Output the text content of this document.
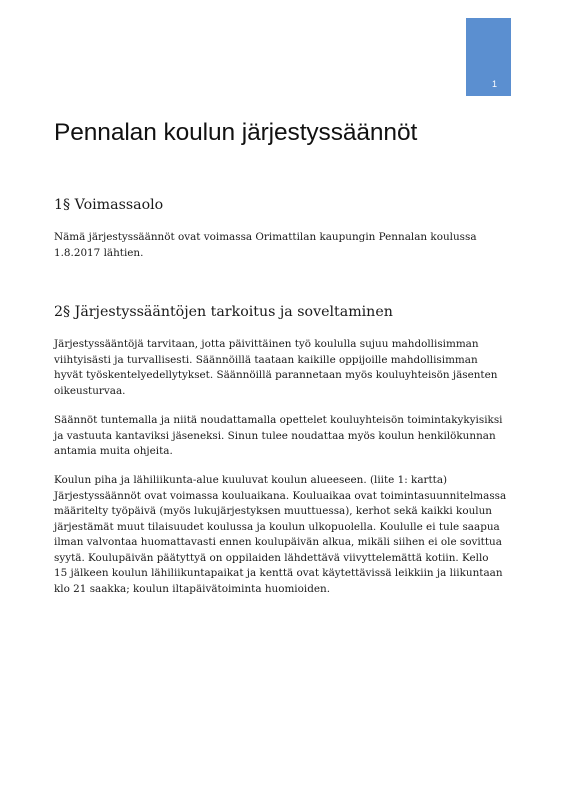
1
Pennalan koulun järjestyssäännöt
1§ Voimassaolo

Nämä järjestyssäännöt ovat voimassa Orimattilan kaupungin Pennalan koulussa
1.8.2017 lähtien.

2§ Järjestyssääntöjen tarkoitus ja soveltaminen

Järjestyssääntöjä tarvitaan, jotta päivittäinen työ koululla sujuu mahdollisimman
viihtyisästi ja turvallisesti. Säännöillä taataan kaikille oppijoille mahdollisimman
hyvät työskentelyedellytykset. Säännöillä parannetaan myös kouluyhteisön jäsenten
oikeusturvaa.

Säännöt tuntemalla ja niitä noudattamalla opettelet kouluyhteisön toimintakykyisiksi
ja vastuuta kantaviksi jäseneksi. Sinun tulee noudattaa myös koulun henkilökunnan
antamia muita ohjeita.

Koulun piha ja lähiliikunta-alue kuuluvat koulun alueeseen. (liite 1: kartta)
Järjestyssäännöt ovat voimassa kouluaikana. Kouluaikaa ovat toimintasuunnitelmassa
määritelty työpäivä (myös lukujärjestyksen muuttuessa), kerhot sekä kaikki koulun
järjestämät muut tilaisuudet koulussa ja koulun ulkopuolella. Koululle ei tule saapua
ilman valvontaa huomattavasti ennen koulupäivän alkua, mikäli siihen ei ole sovittua
syytä. Koulupäivän päätyttyä on oppilaiden lähdettävä viivyttelemättä kotiin. Kello
15 jälkeen koulun lähiliikuntapaikat ja kenttä ovat käytettävissä leikkiin ja liikuntaan
klo 21 saakka; koulun iltapäivätoiminta huomioiden.
